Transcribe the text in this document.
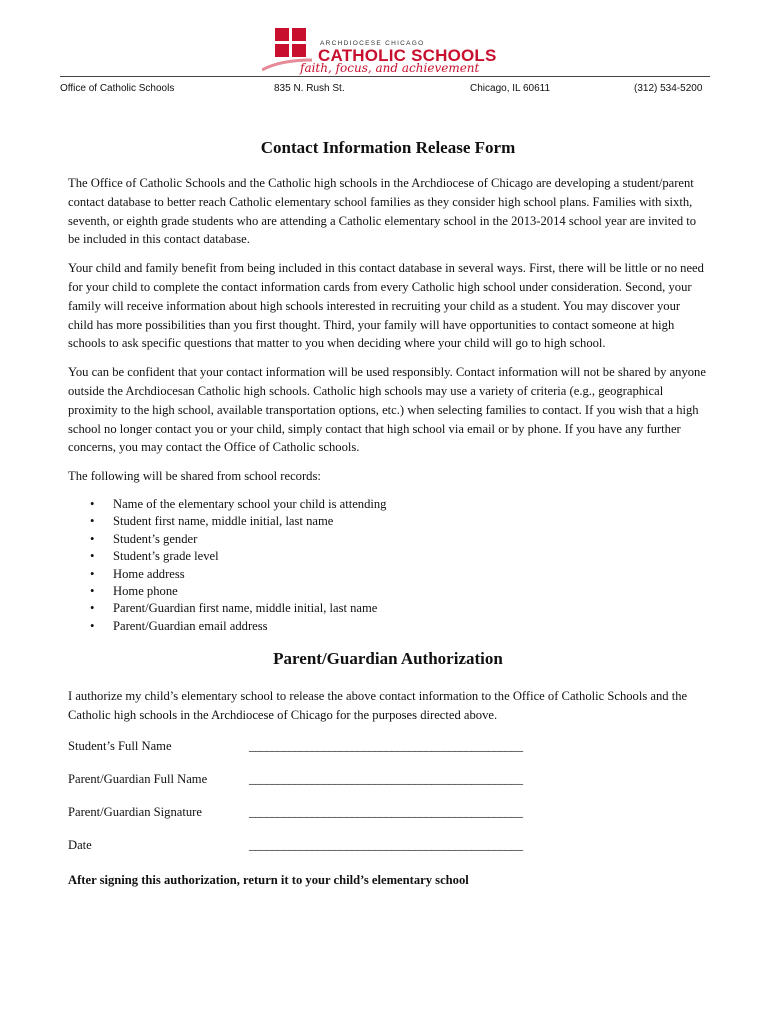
ARCHDIOCESE CHICAGO
CATHOLIC SCHOOLS
faith, focus, and achievement
Office of Catholic Schools	835 N. Rush St.	Chicago, IL 60611	(312) 534-5200
Contact Information Release Form

The Office of Catholic Schools and the Catholic high schools in the Archdiocese of Chicago are developing a student/parent contact database to better reach Catholic elementary school families as they consider high school plans. Families with sixth, seventh, or eighth grade students who are attending a Catholic elementary school in the 2013-2014 school year are invited to be included in this contact database.

Your child and family benefit from being included in this contact database in several ways. First, there will be little or no need for your child to complete the contact information cards from every Catholic high school under consideration. Second, your family will receive information about high schools interested in recruiting your child as a student. You may discover your child has more possibilities than you first thought. Third, your family will have opportunities to contact someone at high schools to ask specific questions that matter to you when deciding where your child will go to high school.

You can be confident that your contact information will be used responsibly. Contact information will not be shared by anyone outside the Archdiocesan Catholic high schools. Catholic high schools may use a variety of criteria (e.g., geographical proximity to the high school, available transportation options, etc.) when selecting families to contact. If you wish that a high school no longer contact you or your child, simply contact that high school via email or by phone. If you have any further concerns, you may contact the Office of Catholic schools.

The following will be shared from school records:

• Name of the elementary school your child is attending
• Student first name, middle initial, last name
• Student’s gender
• Student’s grade level
• Home address
• Home phone
• Parent/Guardian first name, middle initial, last name
• Parent/Guardian email address
Parent/Guardian Authorization

I authorize my child’s elementary school to release the above contact information to the Office of Catholic Schools and the Catholic high schools in the Archdiocese of Chicago for the purposes directed above.

Student’s Full Name	________________________________________________
Parent/Guardian Full Name	________________________________________________
Parent/Guardian Signature	________________________________________________
Date	________________________________________________

After signing this authorization, return it to your child’s elementary school
